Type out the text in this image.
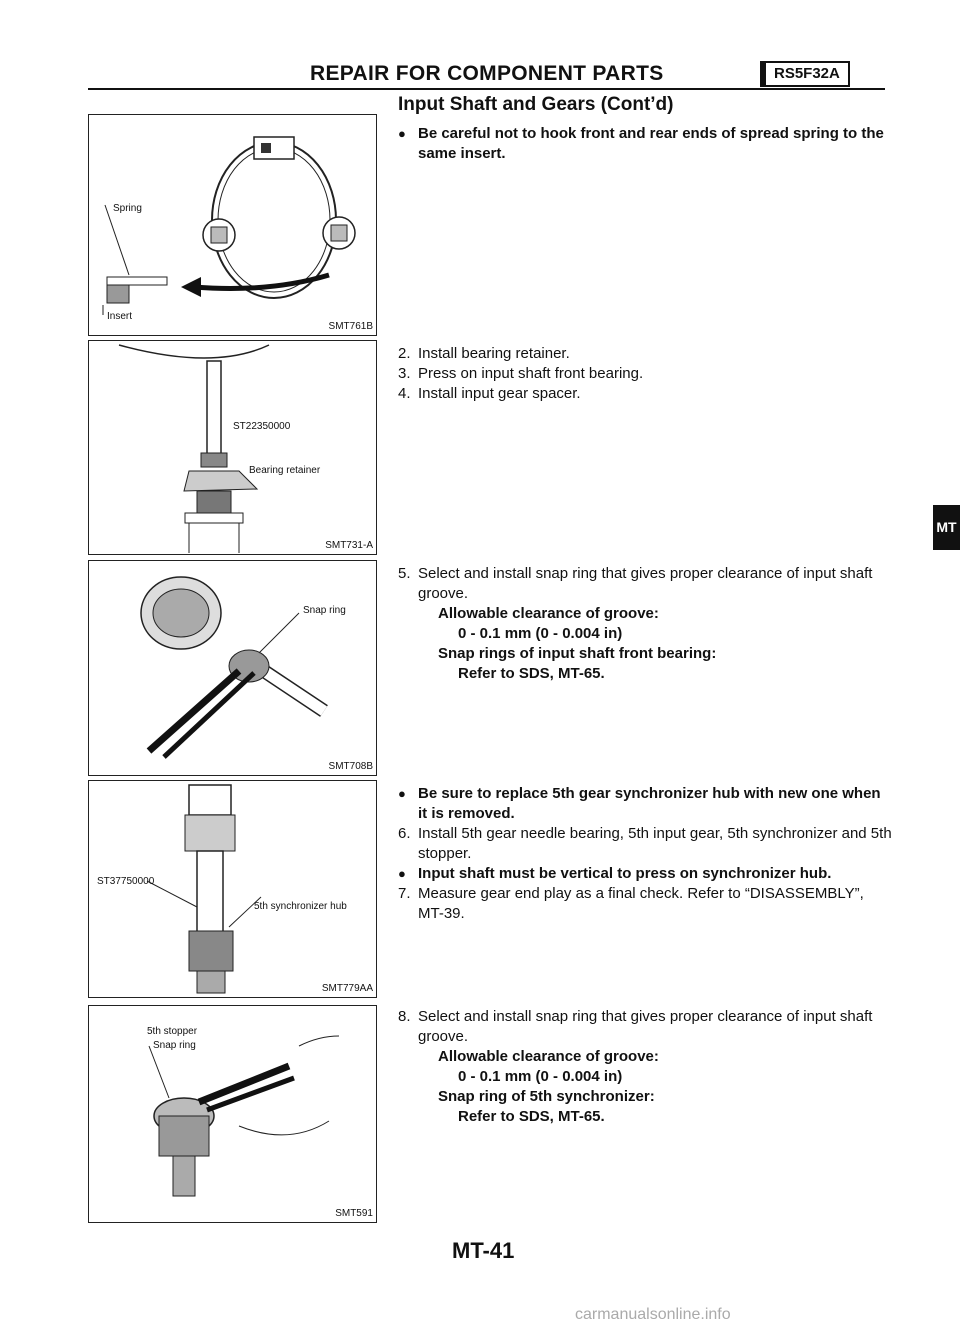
REPAIR FOR COMPONENT PARTS	RS5F32A
Input Shaft and Gears (Cont’d)
Spring
Insert
SMT761B
ST22350000
Bearing retainer
SMT731-A
Snap ring
SMT708B
ST37750000
5th synchronizer hub
SMT779AA
5th stopper
Snap ring
SMT591
● Be careful not to hook front and rear ends of spread spring to the same insert.
2. Install bearing retainer.
3. Press on input shaft front bearing.
4. Install input gear spacer.
5. Select and install snap ring that gives proper clearance of input shaft groove.
Allowable clearance of groove:
0 - 0.1 mm (0 - 0.004 in)
Snap rings of input shaft front bearing:
Refer to SDS, MT-65.
● Be sure to replace 5th gear synchronizer hub with new one when it is removed.
6. Install 5th gear needle bearing, 5th input gear, 5th synchronizer and 5th stopper.
● Input shaft must be vertical to press on synchronizer hub.
7. Measure gear end play as a final check. Refer to “DISASSEMBLY”, MT-39.
8. Select and install snap ring that gives proper clearance of input shaft groove.
Allowable clearance of groove:
0 - 0.1 mm (0 - 0.004 in)
Snap ring of 5th synchronizer:
Refer to SDS, MT-65.
MT
MT-41
carmanualsonline.info
